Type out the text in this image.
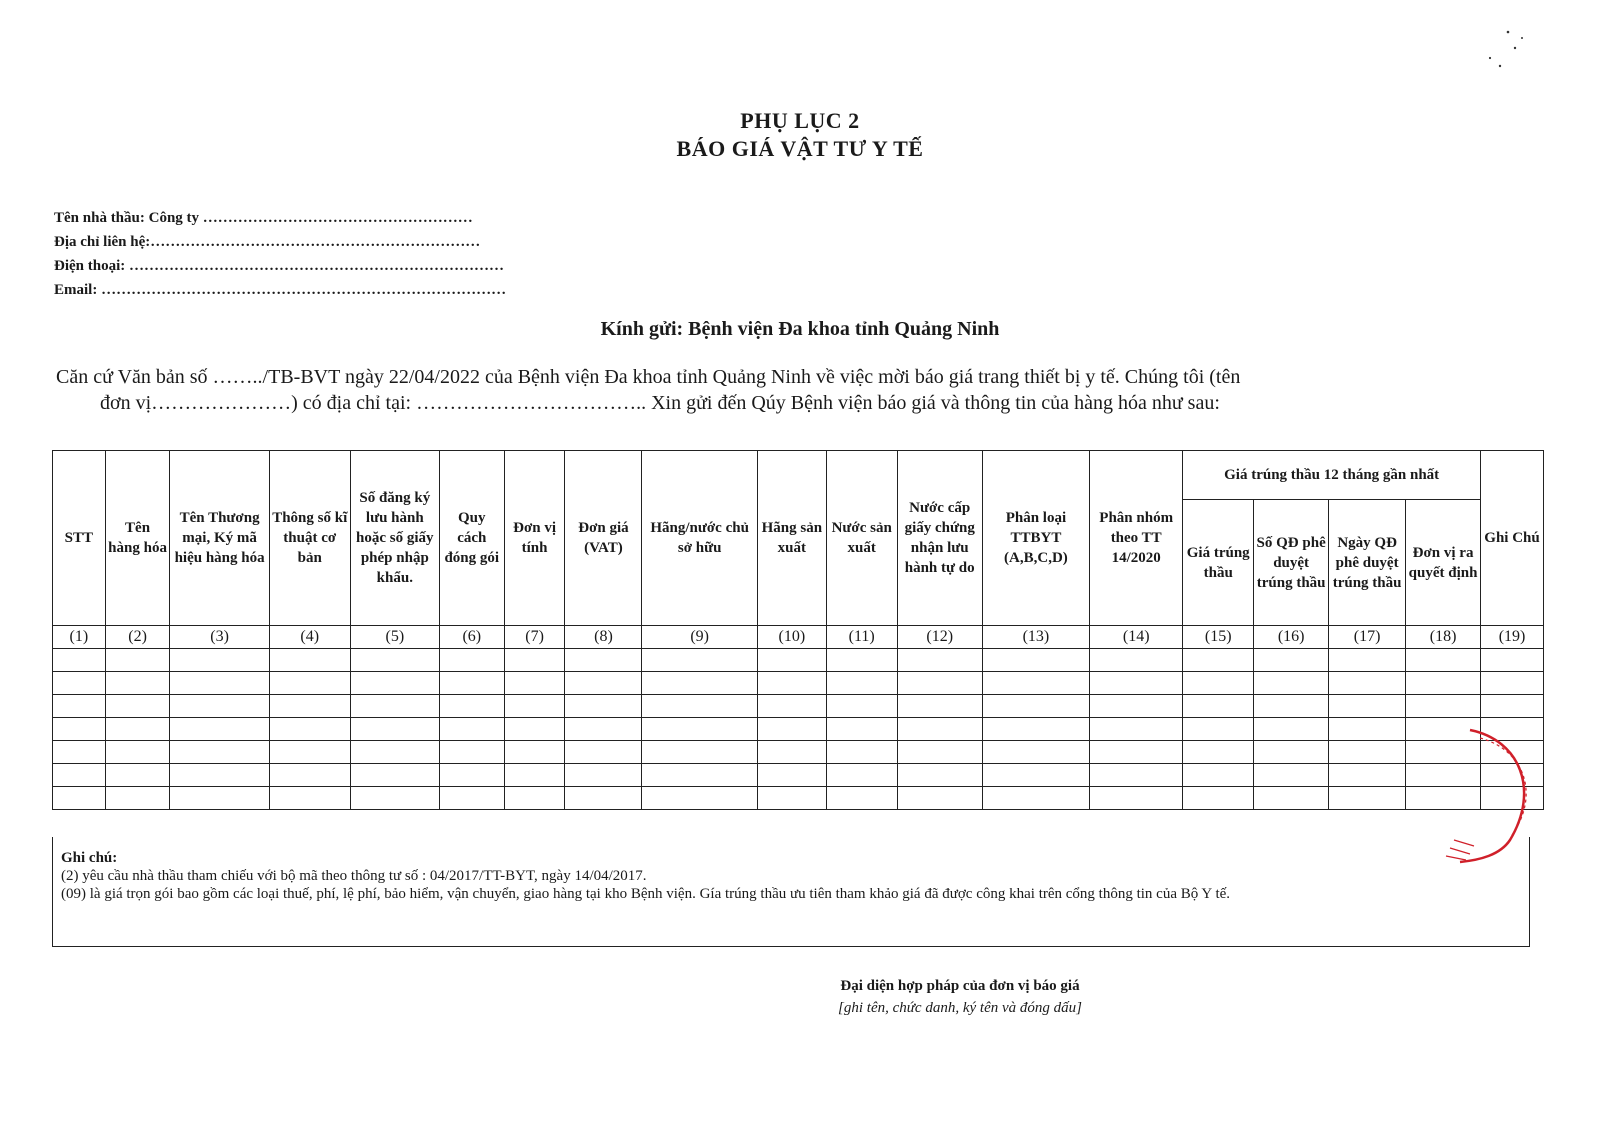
PHỤ LỤC 2
BÁO GIÁ VẬT TƯ Y TẾ
Tên nhà thầu: Công ty ………………………………………………
Địa chỉ liên hệ:…………………………………………………………
Điện thoại: …………………………………………………………………
Email: ………………………………………………………………………
Kính gửi: Bệnh viện Đa khoa tỉnh Quảng Ninh
Căn cứ Văn bản số ……../TB-BVT ngày 22/04/2022 của Bệnh viện Đa khoa tỉnh Quảng Ninh về việc mời báo giá trang thiết bị y tế. Chúng tôi (tên
đơn vị…………………) có địa chỉ tại: …………………………….. Xin gửi đến Qúy Bệnh viện báo giá và thông tin của hàng hóa như sau:
STT	Tên hàng hóa	Tên Thương mại, Ký mã hiệu hàng hóa	Thông số kĩ thuật cơ bản	Số đăng ký lưu hành hoặc số giấy phép nhập khẩu.	Quy cách đóng gói	Đơn vị tính	Đơn giá (VAT)	Hãng/nước chủ sở hữu	Hãng sản xuất	Nước sản xuất	Nước cấp giấy chứng nhận lưu hành tự do	Phân loại TTBYT (A,B,C,D)	Phân nhóm theo TT 14/2020	Giá trúng thầu 12 tháng gần nhất				Ghi Chú
														Giá trúng thầu	Số QĐ phê duyệt trúng thầu	Ngày QĐ phê duyệt trúng thầu	Đơn vị ra quyết định	
(1)	(2)	(3)	(4)	(5)	(6)	(7)	(8)	(9)	(10)	(11)	(12)	(13)	(14)	(15)	(16)	(17)	(18)	(19)

Ghi chú:
(2) yêu cầu nhà thầu tham chiếu với bộ mã theo thông tư số : 04/2017/TT-BYT, ngày 14/04/2017.
(09) là giá trọn gói bao gồm các loại thuế, phí, lệ phí, bảo hiểm, vận chuyển, giao hàng tại kho Bệnh viện. Gía trúng thầu ưu tiên tham khảo giá đã được công khai trên cổng thông tin của Bộ Y tế.
Đại diện hợp pháp của đơn vị báo giá
[ghi tên, chức danh, ký tên và đóng dấu]
